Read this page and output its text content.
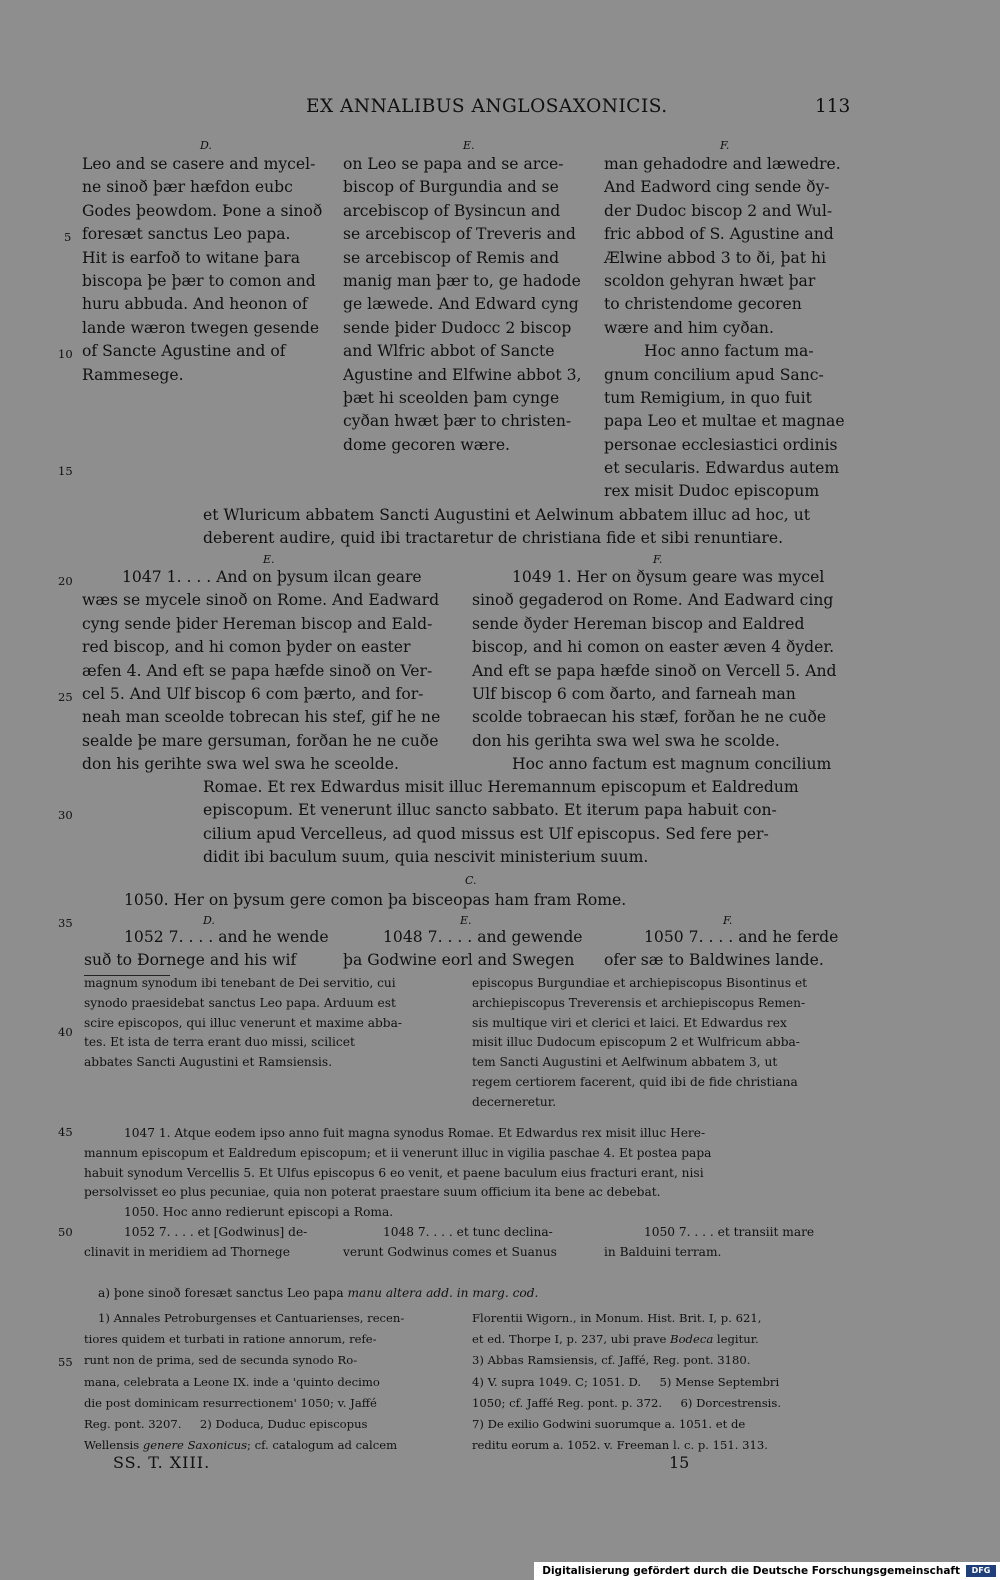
EX ANNALIBUS ANGLOSAXONICIS.	113
D.	E.	F.
Leo and se casere and mycel-
ne sinoð þær hæfdon eubc
Godes þeowdom. Þone a sinoð
foresæt sanctus Leo papa.
Hit is earfoð to witane þara
biscopa þe þær to comon and
huru abbuda. And heonon of
lande wæron twegen gesende
of Sancte Agustine and of
Rammesege.
on Leo se papa and se arce-
biscop of Burgundia and se
arcebiscop of Bysincun and
se arcebiscop of Treveris and
se arcebiscop of Remis and
manig man þær to, ge hadode
ge læwede. And Edward cyng
sende þider Dudocc 2 biscop
and Wlfric abbot of Sancte
Agustine and Elfwine abbot 3,
þæt hi sceolden þam cynge
cyðan hwæt þær to christen-
dome gecoren wære.
man gehadodre and læwedre.
And Eadword cing sende ðy-
der Dudoc biscop 2 and Wul-
fric abbod of S. Agustine and
Ælwine abbod 3 to ði, þat hi
scoldon gehyran hwæt þar
to christendome gecoren
wære and him cyðan.
Hoc anno factum ma-
gnum concilium apud Sanc-
tum Remigium, in quo fuit
papa Leo et multae et magnae
personae ecclesiastici ordinis
et secularis. Edwardus autem
rex misit Dudoc episcopum
et Wluricum abbatem Sancti Augustini et Aelwinum abbatem illuc ad hoc, ut
deberent audire, quid ibi tractaretur de christiana fide et sibi renuntiare.
E.	F.
1047 1. . . . And on þysum ilcan geare
wæs se mycele sinoð on Rome. And Eadward
cyng sende þider Hereman biscop and Eald-
red biscop, and hi comon þyder on easter
æfen 4. And eft se papa hæfde sinoð on Ver-
cel 5. And Ulf biscop 6 com þærto, and for-
neah man sceolde tobrecan his stef, gif he ne
sealde þe mare gersuman, forðan he ne cuðe
don his gerihte swa wel swa he sceolde.
1049 1. Her on ðysum geare was mycel
sinoð gegaderod on Rome. And Eadward cing
sende ðyder Hereman biscop and Ealdred
biscop, and hi comon on easter æven 4 ðyder.
And eft se papa hæfde sinoð on Vercell 5. And
Ulf biscop 6 com ðarto, and farneah man
scolde tobraecan his stæf, forðan he ne cuðe
don his gerihta swa wel swa he scolde.
Hoc anno factum est magnum concilium
Romae. Et rex Edwardus misit illuc Heremannum episcopum et Ealdredum
episcopum. Et venerunt illuc sancto sabbato. Et iterum papa habuit con-
cilium apud Vercelleus, ad quod missus est Ulf episcopus. Sed fere per-
didit ibi baculum suum, quia nescivit ministerium suum.
C.
1050. Her on þysum gere comon þa bisceopas ham fram Rome.
D.	E.	F.
1052 7. . . . and he wende
suð to Ðornege and his wif
1048 7. . . . and gewende
þa Godwine eorl and Swegen
1050 7. . . . and he ferde
ofer sæ to Baldwines lande.
magnum synodum ibi tenebant de Dei servitio, cui
synodo praesidebat sanctus Leo papa. Arduum est
scire episcopos, qui illuc venerunt et maxime abba-
tes. Et ista de terra erant duo missi, scilicet
abbates Sancti Augustini et Ramsiensis.
episcopus Burgundiae et archiepiscopus Bisontinus et
archiepiscopus Treverensis et archiepiscopus Remen-
sis multique viri et clerici et laici. Et Edwardus rex
misit illuc Dudocum episcopum 2 et Wulfricum abba-
tem Sancti Augustini et Aelfwinum abbatem 3, ut
regem certiorem facerent, quid ibi de fide christiana
decerneretur.
1047 1. Atque eodem ipso anno fuit magna synodus Romae. Et Edwardus rex misit illuc Here-
mannum episcopum et Ealdredum episcopum; et ii venerunt illuc in vigilia paschae 4. Et postea papa
habuit synodum Vercellis 5. Et Ulfus episcopus 6 eo venit, et paene baculum eius fracturi erant, nisi
persolvisset eo plus pecuniae, quia non poterat praestare suum officium ita bene ac debebat.
1050. Hoc anno redierunt episcopi a Roma.
1052 7. . . . et [Godwinus] de-
clinavit in meridiem ad Thornege
1048 7. . . . et tunc declina-
verunt Godwinus comes et Suanus
1050 7. . . . et transiit mare
in Balduini terram.
a) þone sinoð foresæt sanctus Leo papa manu altera add. in marg. cod.
1) Annales Petroburgenses et Cantuarienses, recen-
tiores quidem et turbati in ratione annorum, refe-
runt non de prima, sed de secunda synodo Ro-
mana, celebrata a Leone IX. inde a 'quinto decimo
die post dominicam resurrectionem' 1050; v. Jaffé
Reg. pont. 3207.     2) Doduca, Duduc episcopus
Wellensis genere Saxonicus; cf. catalogum ad calcem
Florentii Wigorn., in Monum. Hist. Brit. I, p. 621,
et ed. Thorpe I, p. 237, ubi prave Bodeca legitur.
3) Abbas Ramsiensis, cf. Jaffé, Reg. pont. 3180.
4) V. supra 1049. C; 1051. D.     5) Mense Septembri
1050; cf. Jaffé Reg. pont. p. 372.     6) Dorcestrensis.
7) De exilio Godwini suorumque a. 1051. et de
reditu eorum a. 1052. v. Freeman l. c. p. 151. 313.
5
10
15
20
25
30
35
40
45
50
55
SS. T. XIII.	15
Digitalisierung gefördert durch die Deutsche Forschungsgemeinschaft	DFG
